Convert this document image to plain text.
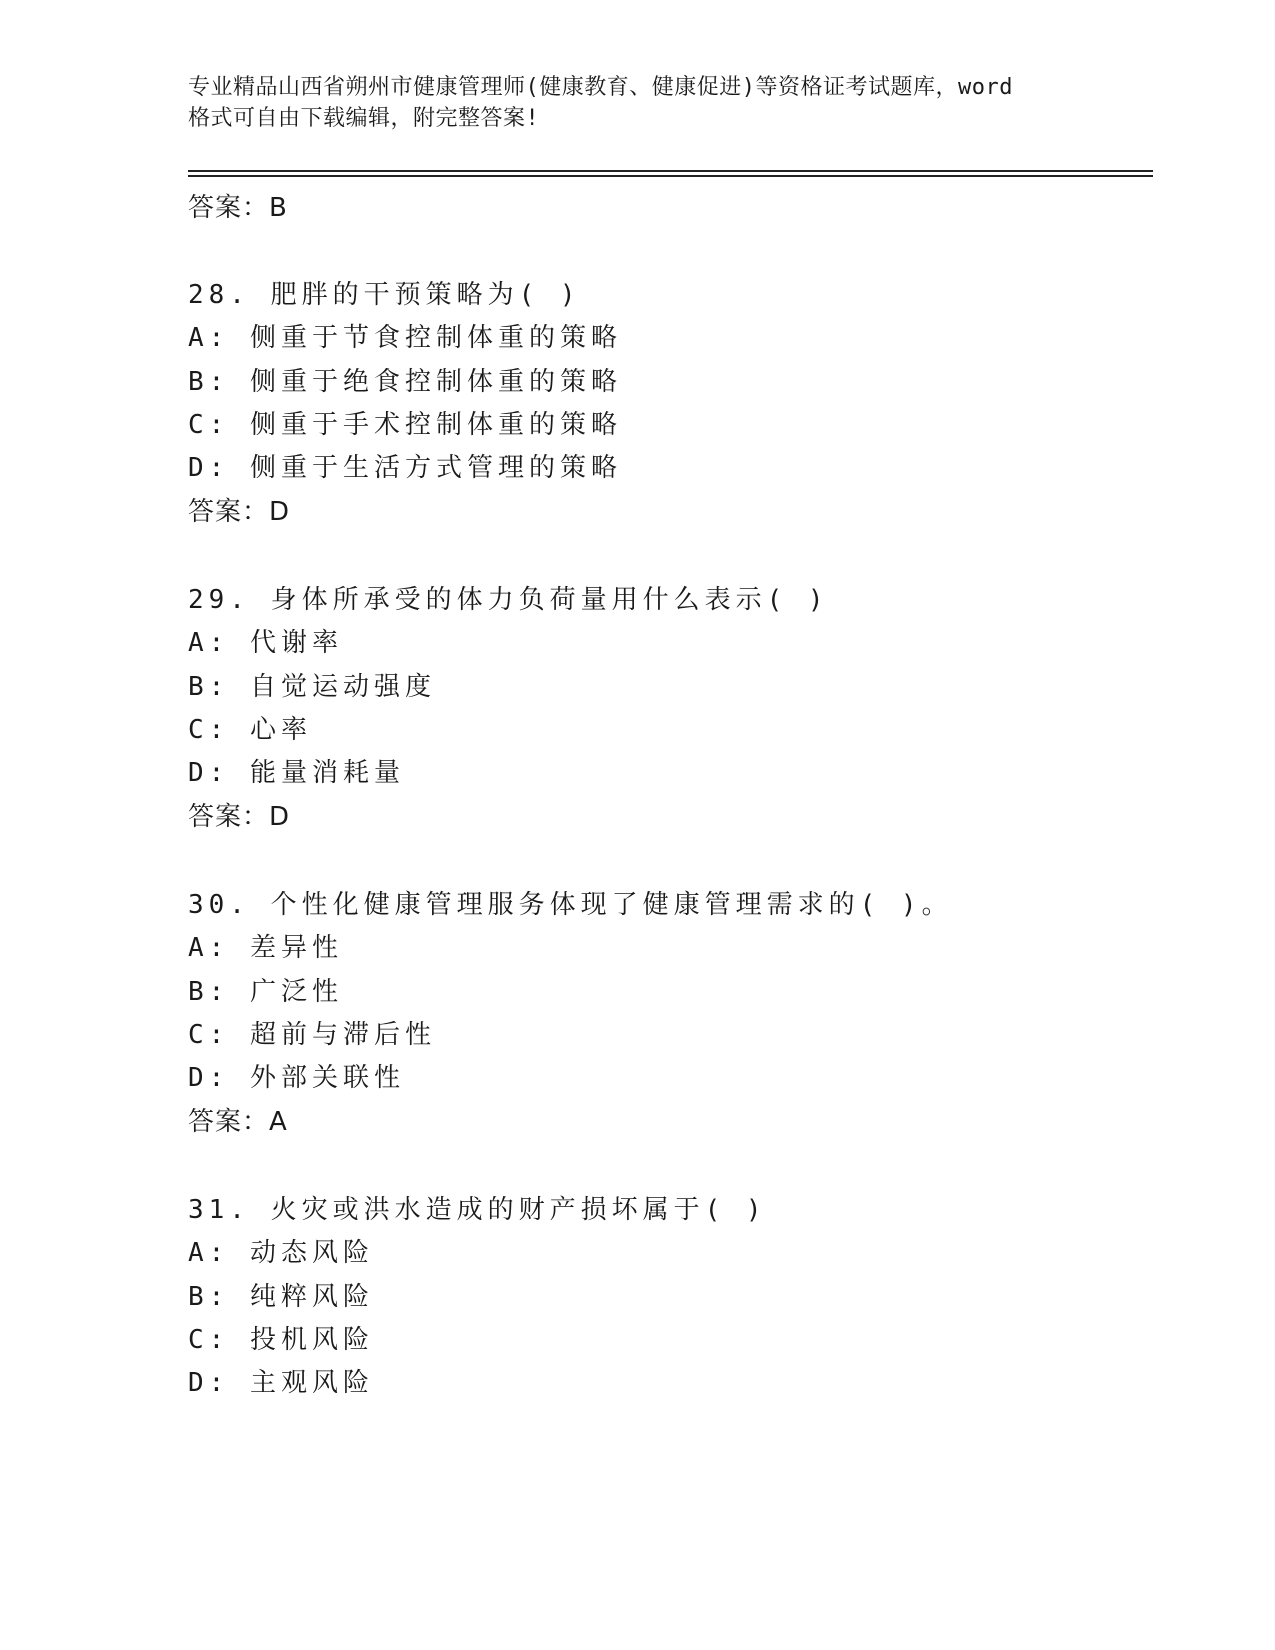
专业精品山西省朔州市健康管理师(健康教育、健康促进)等资格证考试题库，word
格式可自由下载编辑，附完整答案!
答案：B
28. 肥胖的干预策略为( )
A: 侧重于节食控制体重的策略
B: 侧重于绝食控制体重的策略
C: 侧重于手术控制体重的策略
D: 侧重于生活方式管理的策略
答案：D
29. 身体所承受的体力负荷量用什么表示( )
A: 代谢率
B: 自觉运动强度
C: 心率
D: 能量消耗量
答案：D
30. 个性化健康管理服务体现了健康管理需求的( )。
A: 差异性
B: 广泛性
C: 超前与滞后性
D: 外部关联性
答案：A
31. 火灾或洪水造成的财产损坏属于( )
A: 动态风险
B: 纯粹风险
C: 投机风险
D: 主观风险
